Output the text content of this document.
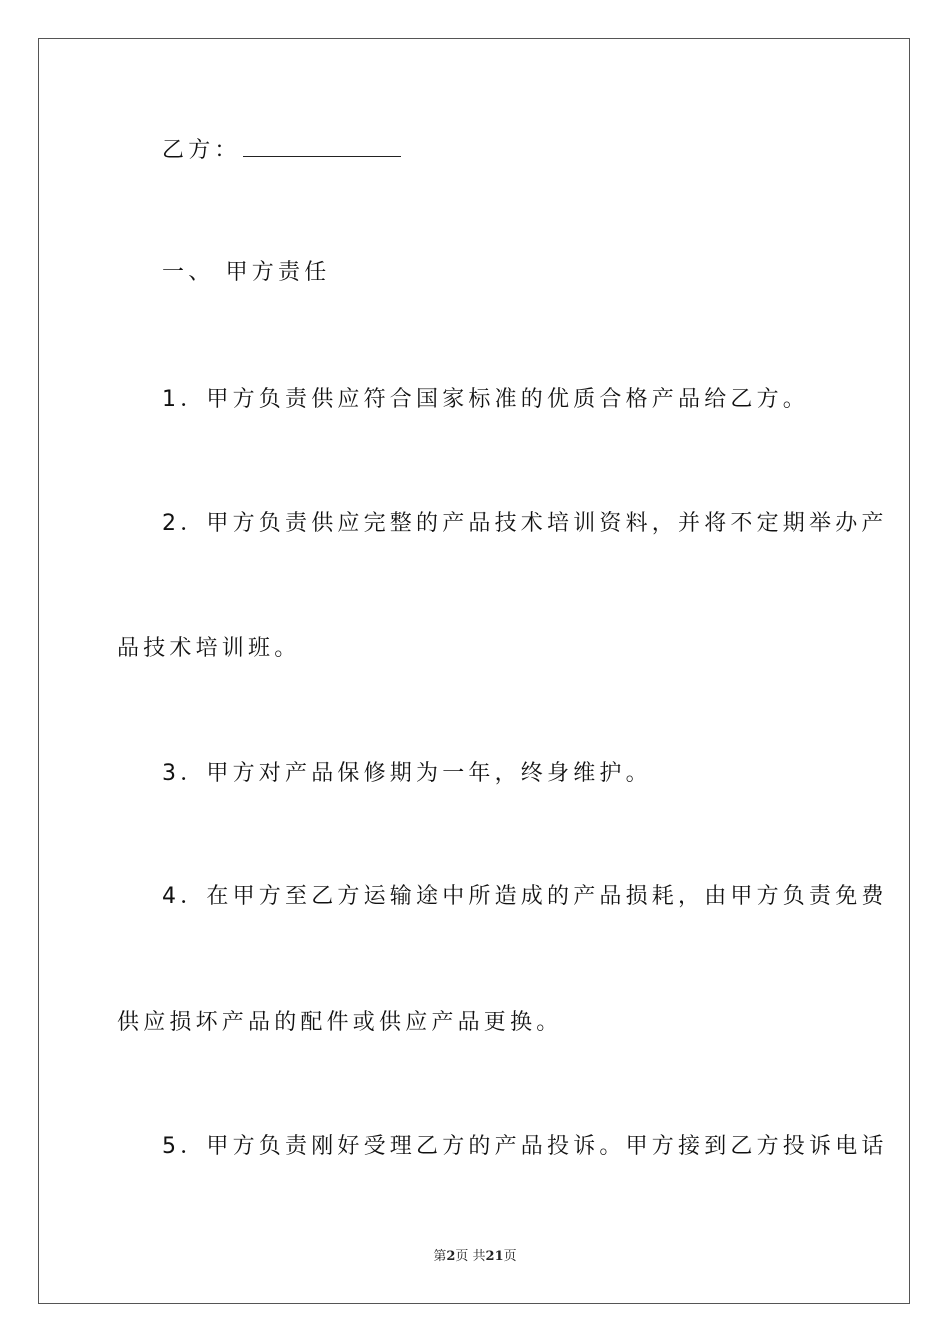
乙方：
一、 甲方责任
1．甲方负责供应符合国家标准的优质合格产品给乙方。
2．甲方负责供应完整的产品技术培训资料，并将不定期举办产
品技术培训班。
3．甲方对产品保修期为一年，终身维护。
4．在甲方至乙方运输途中所造成的产品损耗，由甲方负责免费
供应损坏产品的配件或供应产品更换。
5．甲方负责刚好受理乙方的产品投诉。甲方接到乙方投诉电话
第2页 共21页
